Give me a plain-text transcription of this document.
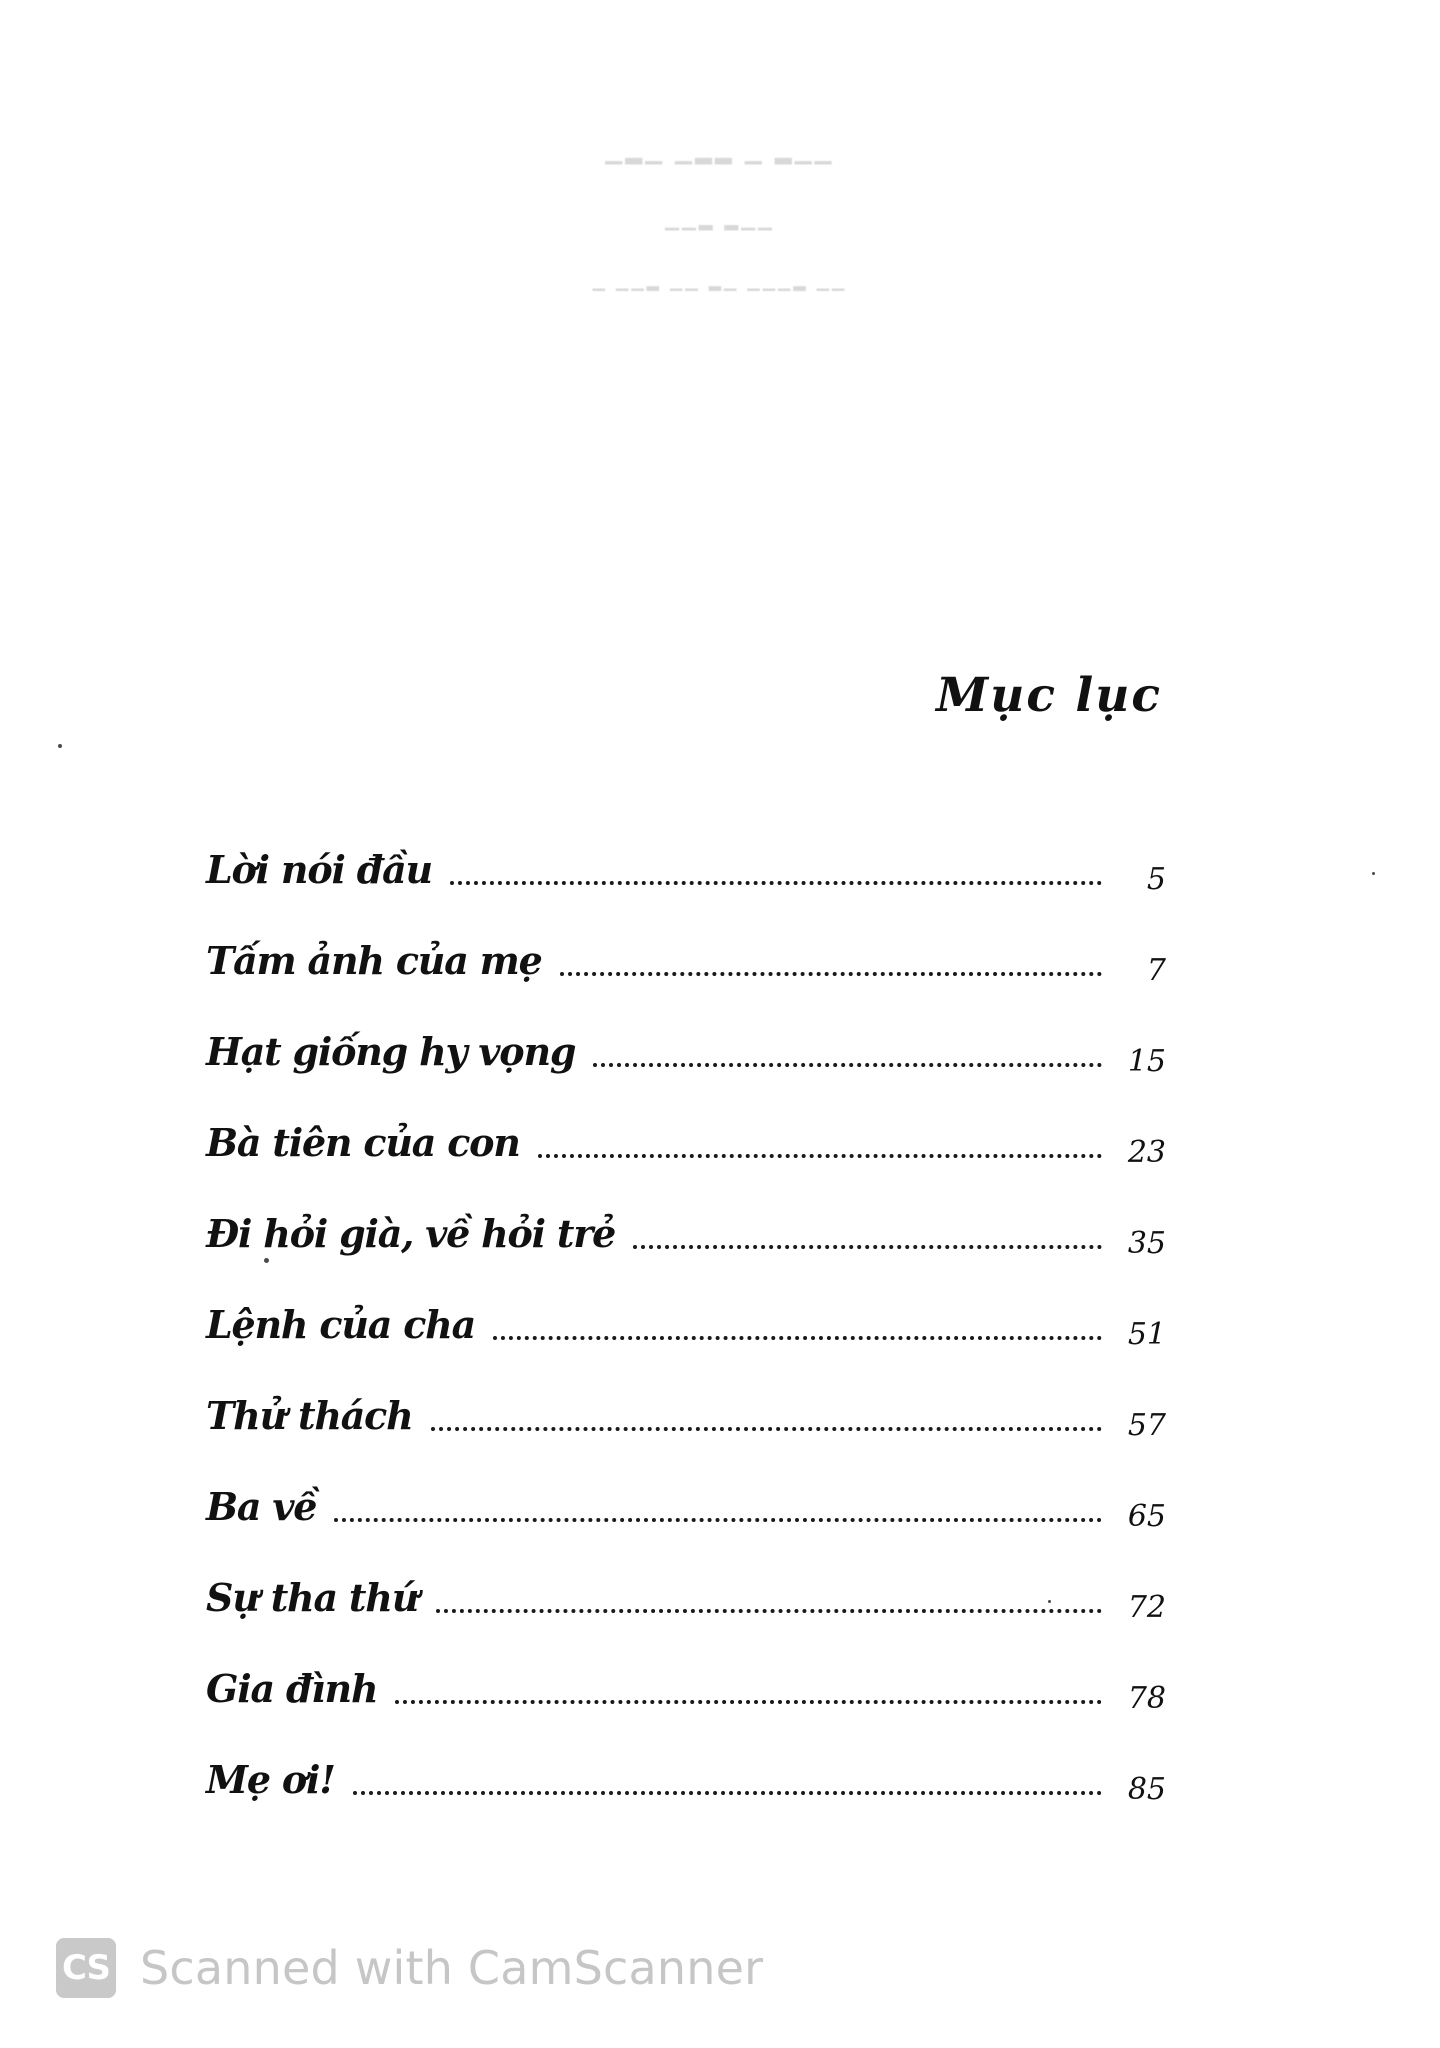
▁▂▁ ▁▂▂ ▁ ▂▁▁
▁▁▂ ▂▁▁
▁ ▁▁▂ ▁▁ ▂▁ ▁▁▁▂ ▁▁
Mục lục
Lời nói đầu	5
Tấm ảnh của mẹ	7
Hạt giống hy vọng	15
Bà tiên của con	23
Đi hỏi già, về hỏi trẻ	35
Lệnh của cha	51
Thử thách	57
Ba về	65
Sự tha thứ	72
Gia đình	78
Mẹ ơi!	85
CS Scanned with CamScanner
